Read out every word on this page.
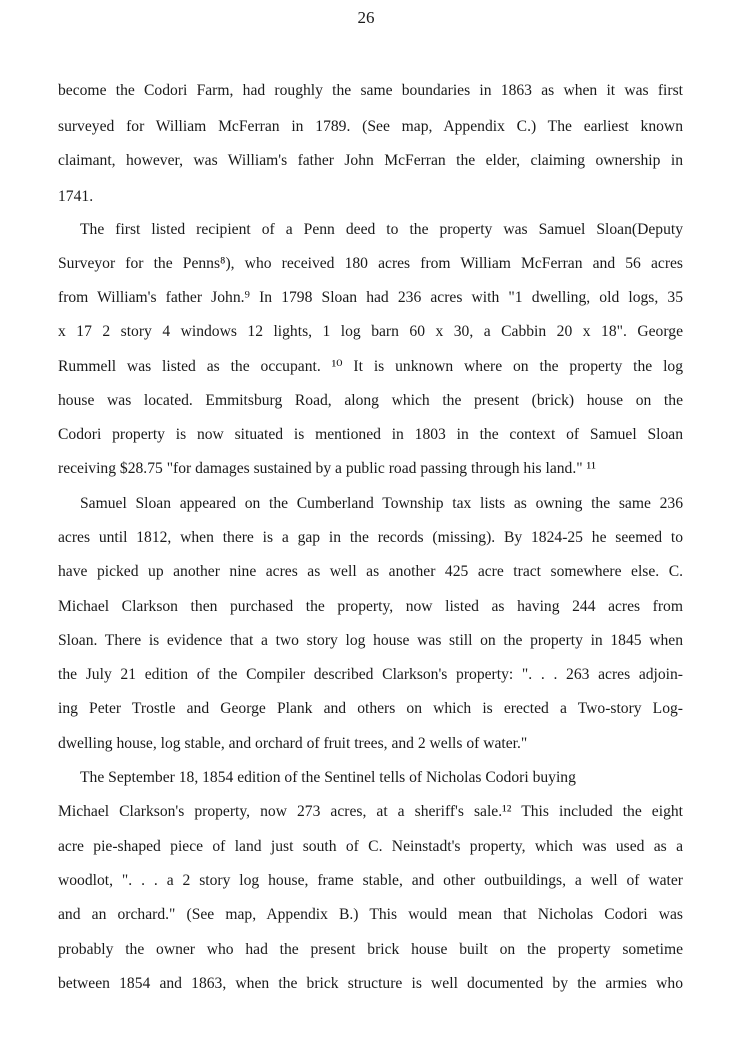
26
become the Codori Farm, had roughly the same boundaries in 1863 as when it was first
surveyed for William McFerran in 1789. (See map, Appendix C.) The earliest known
claimant, however, was William's father John McFerran the elder, claiming ownership in
1741.
The first listed recipient of a Penn deed to the property was Samuel Sloan(Deputy
Surveyor for the Penns⁸), who received 180 acres from William McFerran and 56 acres
from William's father John.⁹ In 1798 Sloan had 236 acres with "1 dwelling, old logs, 35
x 17 2 story 4 windows 12 lights, 1 log barn 60 x 30, a Cabbin 20 x 18". George
Rummell was listed as the occupant. ¹⁰ It is unknown where on the property the log
house was located. Emmitsburg Road, along which the present (brick) house on the
Codori property is now situated is mentioned in 1803 in the context of Samuel Sloan
receiving $28.75 "for damages sustained by a public road passing through his land." ¹¹
Samuel Sloan appeared on the Cumberland Township tax lists as owning the same 236
acres until 1812, when there is a gap in the records (missing). By 1824-25 he seemed to
have picked up another nine acres as well as another 425 acre tract somewhere else. C.
Michael Clarkson then purchased the property, now listed as having 244 acres from
Sloan. There is evidence that a two story log house was still on the property in 1845 when
the July 21 edition of the Compiler described Clarkson's property: ". . . 263 acres adjoin-
ing Peter Trostle and George Plank and others on which is erected a Two-story Log-
dwelling house, log stable, and orchard of fruit trees, and 2 wells of water."
The September 18, 1854 edition of the Sentinel tells of Nicholas Codori buying
Michael Clarkson's property, now 273 acres, at a sheriff's sale.¹² This included the eight
acre pie-shaped piece of land just south of C. Neinstadt's property, which was used as a
woodlot, ". . . a 2 story log house, frame stable, and other outbuildings, a well of water
and an orchard." (See map, Appendix B.) This would mean that Nicholas Codori was
probably the owner who had the present brick house built on the property sometime
between 1854 and 1863, when the brick structure is well documented by the armies who
